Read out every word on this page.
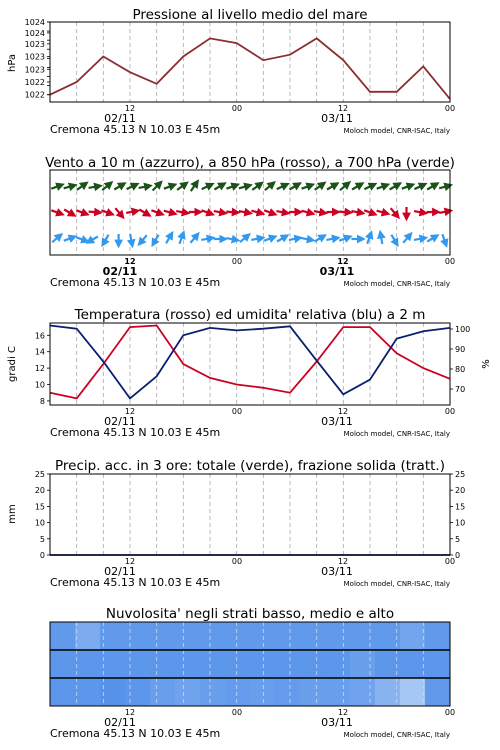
Pressione al livello medio del mare
hPa
1022
1022
1023
1023
1023
1024
1024
12	00	12	00
02/11	03/11
Cremona 45.13 N 10.03 E 45m	Moloch model, CNR-ISAC, Italy
Vento a 10 m (azzurro), a 850 hPa (rosso), a 700 hPa (verde)
12	00	12	00
02/11	03/11
Cremona 45.13 N 10.03 E 45m	Moloch model, CNR-ISAC, Italy
Temperatura (rosso) ed umidita' relativa (blu) a 2 m
gradi C	%
8
10
12
14
16
70
80
90
100
12	00	12	00
02/11	03/11
Cremona 45.13 N 10.03 E 45m	Moloch model, CNR-ISAC, Italy
Precip. acc. in 3 ore: totale (verde), frazione solida (tratt.)
mm
0
5
10
15
20
25
0
5
10
15
20
25
12	00	12	00
02/11	03/11
Cremona 45.13 N 10.03 E 45m	Moloch model, CNR-ISAC, Italy
Nuvolosita' negli strati basso, medio e alto
12	00	12	00
02/11	03/11
Cremona 45.13 N 10.03 E 45m	Moloch model, CNR-ISAC, Italy
